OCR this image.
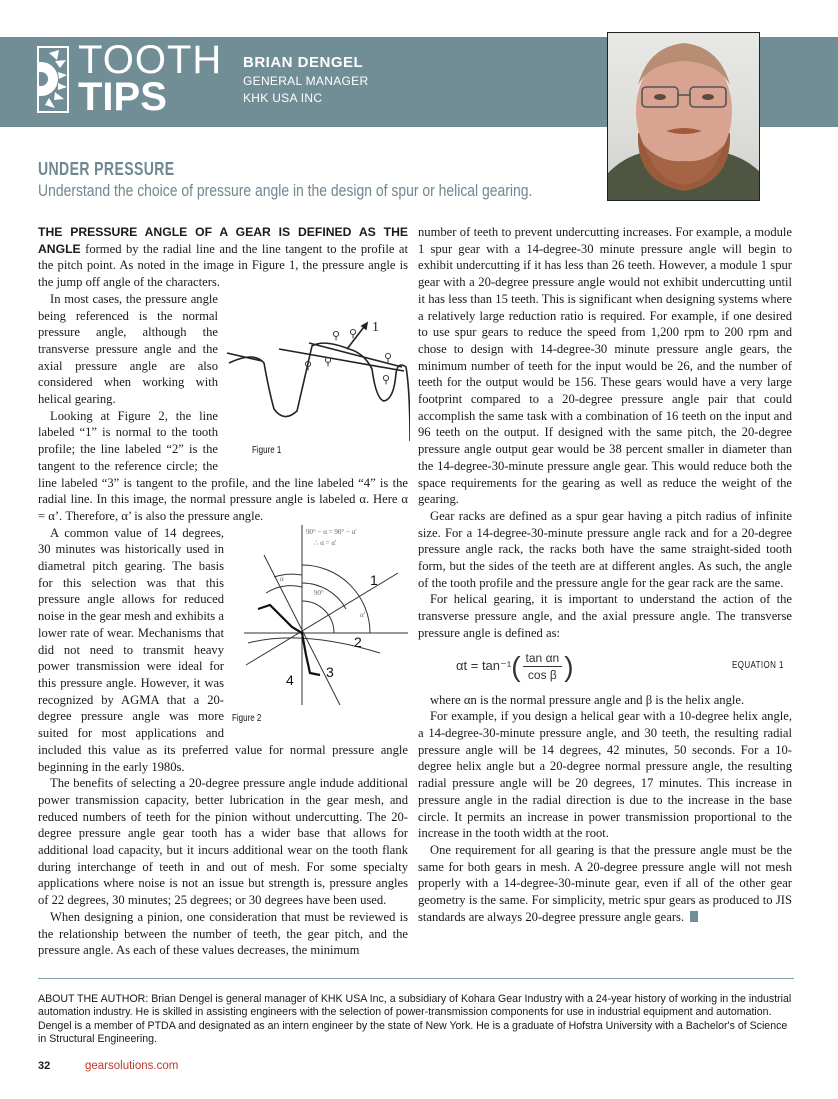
TOOTH
TIPS
BRIAN DENGEL
GENERAL MANAGER
KHK USA INC
UNDER PRESSURE
Understand the choice of pressure angle in the design of spur or helical gearing.

THE PRESSURE ANGLE OF A GEAR IS DEFINED AS THE ANGLE formed by the radial line and the line tangent to the profile at the pitch point. As noted in the image in Figure 1, the pressure angle is the jump off angle of the characters.

1
⚲ ⚲
⚲
⚲ ⚲
⚲
Figure 1

In most cases, the pressure angle being referenced is the normal pressure angle, although the transverse pressure angle and the axial pressure angle are also considered when working with helical gearing.

Looking at Figure 2, the line labeled “1” is normal to the tooth profile; the line labeled “2” is the tangent to the reference circle; the line labeled “3” is tangent to the profile, and the line labeled “4” is the radial line. In this image, the normal pressure angle is labeled α. Here α = α’. Therefore, α’ is also the pressure angle.

90° − α = 90° − α′
∴ α = α′
α
90°
α′
1
2
3
4
Figure 2

A common value of 14 degrees, 30 minutes was historically used in diametral pitch gearing. The basis for this selection was that this pressure angle allows for reduced noise in the gear mesh and exhibits a lower rate of wear. Mechanisms that did not need to transmit heavy power transmission were ideal for this pressure angle. However, it was recognized by AGMA that a 20-degree pressure angle was more suited for most applications and included this value as its preferred value for normal pressure angle beginning in the early 1980s.

The benefits of selecting a 20-degree pressure angle indude additional power transmission capacity, better lubrication in the gear mesh, and reduced numbers of teeth for the pinion without undercutting. The 20-degree pressure angle gear tooth has a wider base that allows for additional load capacity, but it incurs additional wear on the tooth flank during interchange of teeth in and out of mesh. For some specialty applications where noise is not an issue but strength is, pressure angles of 22 degrees, 30 minutes; 25 degrees; or 30 degrees have been used.

When designing a pinion, one consideration that must be reviewed is the relationship between the number of teeth, the gear pitch, and the pressure angle. As each of these values decreases, the minimum

number of teeth to prevent undercutting increases. For example, a module 1 spur gear with a 14-degree-30 minute pressure angle will begin to exhibit undercutting if it has less than 26 teeth. However, a module 1 spur gear with a 20-degree pressure angle would not exhibit undercutting until it has less than 15 teeth. This is significant when designing systems where a relatively large reduction ratio is required. For example, if one desired to use spur gears to reduce the speed from 1,200 rpm to 200 rpm and chose to design with 14-degree-30 minute pressure angle gears, the minimum number of teeth for the input would be 26, and the number of teeth for the output would be 156. These gears would have a very large footprint compared to a 20-degree pressure angle pair that could accomplish the same task with a combination of 16 teeth on the input and 96 teeth on the output. If designed with the same pitch, the 20-degree pressure angle output gear would be 38 percent smaller in diameter than the 14-degree-30-minute pressure angle gear. This would reduce both the space requirements for the gearing as well as reduce the weight of the gearing.

Gear racks are defined as a spur gear having a pitch radius of infinite size. For a 14-degree-30-minute pressure angle rack and for a 20-degree pressure angle rack, the racks both have the same straight-sided tooth form, but the sides of the teeth are at different angles. As such, the angle of the tooth profile and the pressure angle for the gear rack are the same.

For helical gearing, it is important to understand the action of the transverse pressure angle, and the axial pressure angle. The transverse pressure angle is defined as:

αt = tan⁻¹ ( $\frac{\text{tan αn}}{\text{cos β}}$ )	EQUATION 1

where αn is the normal pressure angle and β is the helix angle.

For example, if you design a helical gear with a 10-degree helix angle, a 14-degree-30-minute pressure angle, and 30 teeth, the resulting radial pressure angle will be 14 degrees, 42 minutes, 50 seconds. For a 10-degree helix angle but a 20-degree normal pressure angle, the resulting radial pressure angle will be 20 degrees, 17 minutes. This increase in pressure angle in the radial direction is due to the increase in the base circle. It permits an increase in power transmission proportional to the increase in the tooth width at the root.

One requirement for all gearing is that the pressure angle must be the same for both gears in mesh. A 20-degree pressure angle will not mesh properly with a 14-degree-30-minute gear, even if all of the other gear geometry is the same. For simplicity, metric spur gears as produced to JIS standards are always 20-degree pressure angle gears.

ABOUT THE AUTHOR: Brian Dengel is general manager of KHK USA Inc, a subsidiary of Kohara Gear Industry with a 24-year history of working in the industrial automation industry. He is skilled in assisting engineers with the selection of power-transmission components for use in industrial equipment and automation. Dengel is a member of PTDA and designated as an intern engineer by the state of New York. He is a graduate of Hofstra University with a Bachelor's of Science in Structural Engineering.
32	gearsolutions.com
